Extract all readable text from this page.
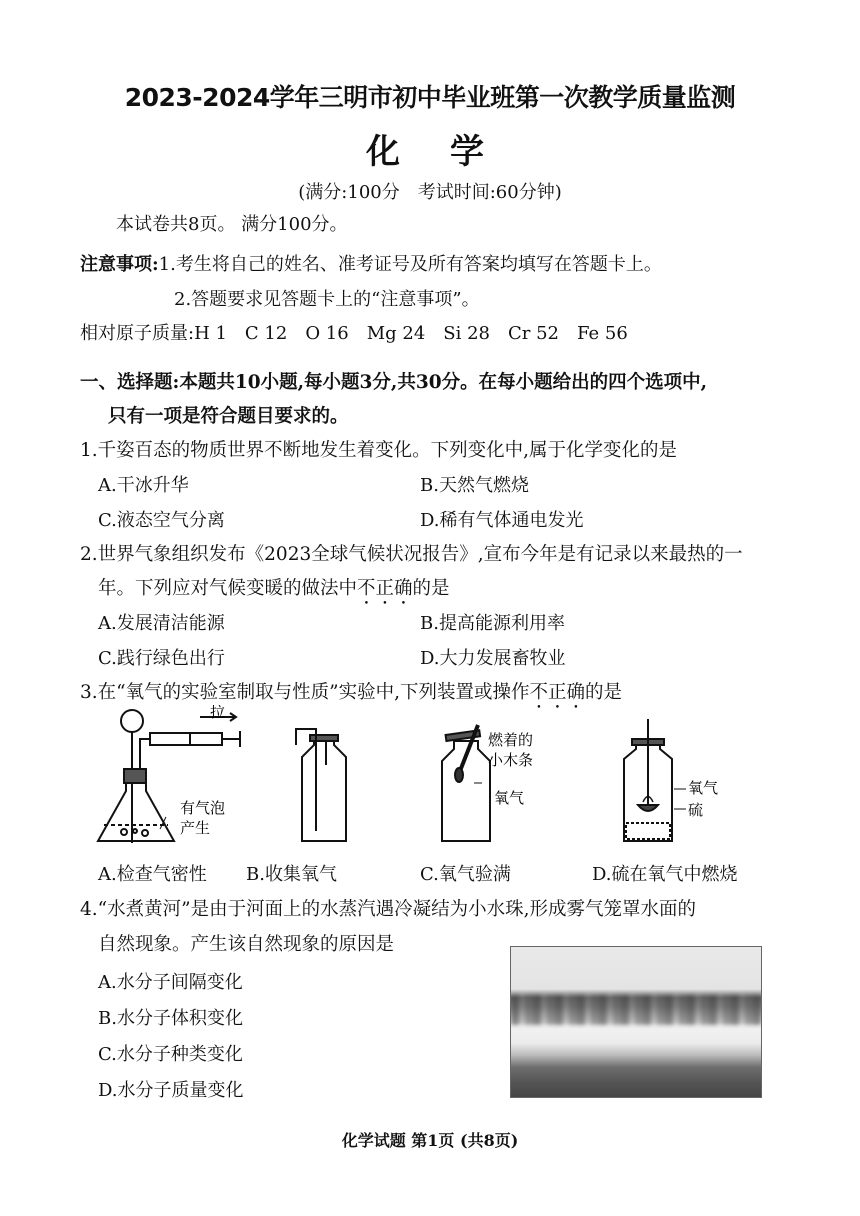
2023-2024学年三明市初中毕业班第一次教学质量监测
化学
(满分:100分　考试时间:60分钟)
本试卷共8页。 满分100分。
注意事项:1.考生将自己的姓名、准考证号及所有答案均填写在答题卡上。
2.答题要求见答题卡上的“注意事项”。
相对原子质量:H 1　C 12　O 16　Mg 24　Si 28　Cr 52　Fe 56
一、选择题:本题共10小题,每小题3分,共30分。在每小题给出的四个选项中,
只有一项是符合题目要求的。
1.千姿百态的物质世界不断地发生着变化。下列变化中,属于化学变化的是
A.干冰升华	B.天然气燃烧
C.液态空气分离	D.稀有气体通电发光
2.世界气象组织发布《2023全球气候状况报告》,宣布今年是有记录以来最热的一
年。下列应对气候变暖的做法中不正确的是
A.发展清洁能源	B.提高能源利用率
C.践行绿色出行	D.大力发展畜牧业
3.在“氧气的实验室制取与性质”实验中,下列装置或操作不正确的是
拉
有气泡
产生
燃着的
小木条
氧气
氧气
硫
A.检查气密性 B.收集氧气	C.氧气验满	D.硫在氧气中燃烧
4.“水煮黄河”是由于河面上的水蒸汽遇冷凝结为小水珠,形成雾气笼罩水面的
自然现象。产生该自然现象的原因是
A.水分子间隔变化
B.水分子体积变化
C.水分子种类变化
D.水分子质量变化
化学试题 第1页 (共8页)
